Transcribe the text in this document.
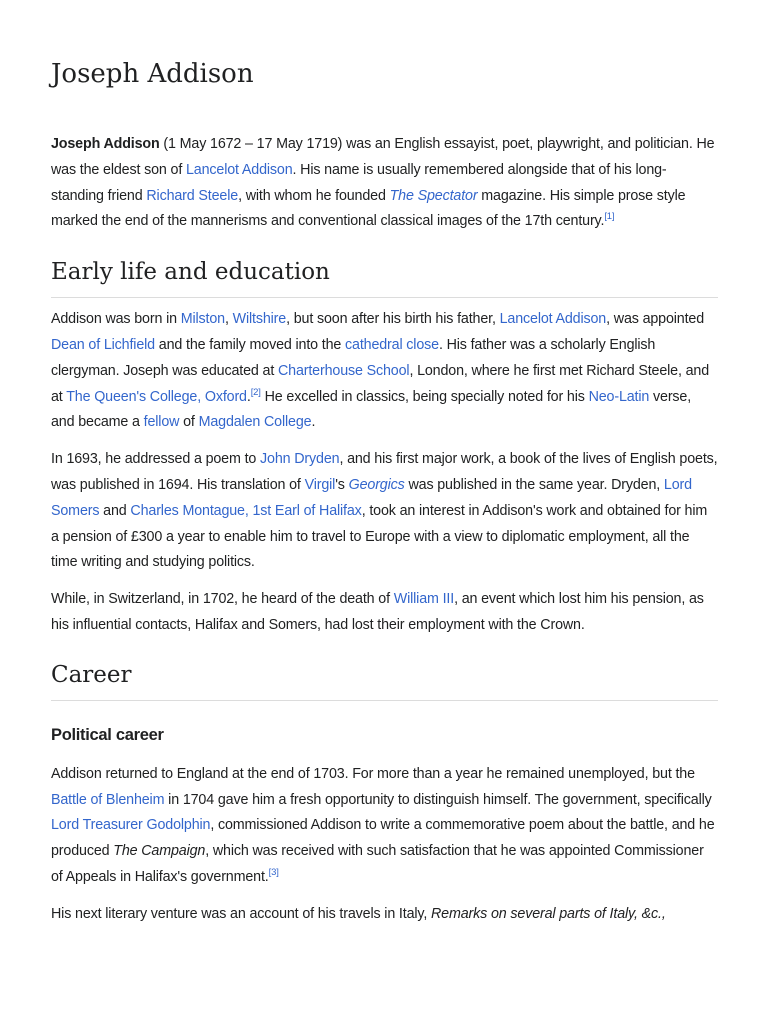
Joseph Addison

Joseph Addison (1 May 1672 – 17 May 1719) was an English essayist, poet, playwright, and politician. He was the eldest son of Lancelot Addison. His name is usually remembered alongside that of his long-standing friend Richard Steele, with whom he founded The Spectator magazine. His simple prose style marked the end of the mannerisms and conventional classical images of the 17th century.[1]

Early life and education

Addison was born in Milston, Wiltshire, but soon after his birth his father, Lancelot Addison, was appointed Dean of Lichfield and the family moved into the cathedral close. His father was a scholarly English clergyman. Joseph was educated at Charterhouse School, London, where he first met Richard Steele, and at The Queen's College, Oxford.[2] He excelled in classics, being specially noted for his Neo-Latin verse, and became a fellow of Magdalen College.

In 1693, he addressed a poem to John Dryden, and his first major work, a book of the lives of English poets, was published in 1694. His translation of Virgil's Georgics was published in the same year. Dryden, Lord Somers and Charles Montague, 1st Earl of Halifax, took an interest in Addison's work and obtained for him a pension of £300 a year to enable him to travel to Europe with a view to diplomatic employment, all the time writing and studying politics.

While, in Switzerland, in 1702, he heard of the death of William III, an event which lost him his pension, as his influential contacts, Halifax and Somers, had lost their employment with the Crown.

Career
Political career

Addison returned to England at the end of 1703. For more than a year he remained unemployed, but the Battle of Blenheim in 1704 gave him a fresh opportunity to distinguish himself. The government, specifically Lord Treasurer Godolphin, commissioned Addison to write a commemorative poem about the battle, and he produced The Campaign, which was received with such satisfaction that he was appointed Commissioner of Appeals in Halifax's government.[3]

His next literary venture was an account of his travels in Italy, Remarks on several parts of Italy, &c.,
